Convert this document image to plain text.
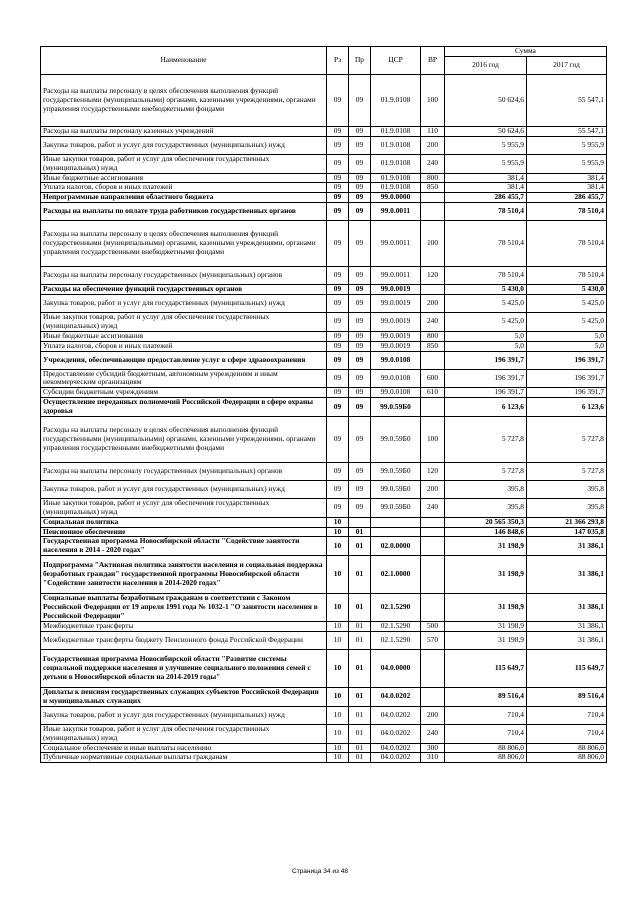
Наименование	Рз	Пр	ЦСР	ВР	Сумма	
					2016 год	2017 год
Расходы на выплаты персоналу в целях обеспечения выполнения функций государственными (муниципальными) органами, казенными учреждениями, органами управления государственными внебюджетными фондами	09	09	01.9.0108	100	50 624,6	55 547,1
Расходы на выплаты персоналу казенных учреждений	09	09	01.9.0108	110	50 624,6	55 547,1
Закупка товаров, работ и услуг для государственных (муниципальных) нужд	09	09	01.9.0108	200	5 955,9	5 955,9
Иные закупки товаров, работ и услуг для обеспечения государственных (муниципальных) нужд	09	09	01.9.0108	240	5 955,9	5 955,9
Иные бюджетные ассигнования	09	09	01.9.0108	800	381,4	381,4
Уплата налогов, сборов и иных платежей	09	09	01.9.0108	850	381,4	381,4
Непрограммные направления областного бюджета	09	09	99.0.0000		286 455,7	286 455,7
Расходы на выплаты по оплате труда работников государственных органов	09	09	99.0.0011		78 510,4	78 510,4
Расходы на выплаты персоналу в целях обеспечения выполнения функций государственными (муниципальными) органами, казенными учреждениями, органами управления государственными внебюджетными фондами	09	09	99.0.0011	100	78 510,4	78 510,4
Расходы на выплаты персоналу государственных (муниципальных) органов	09	09	99.0.0011	120	78 510,4	78 510,4
Расходы на обеспечение функций государственных органов	09	09	99.0.0019		5 430,0	5 430,0
Закупка товаров, работ и услуг для государственных (муниципальных) нужд	09	09	99.0.0019	200	5 425,0	5 425,0
Иные закупки товаров, работ и услуг для обеспечения государственных (муниципальных) нужд	09	09	99.0.0019	240	5 425,0	5 425,0
Иные бюджетные ассигнования	09	09	99.0.0019	800	5,0	5,0
Уплата налогов, сборов и иных платежей	09	09	99.0.0019	850	5,0	5,0
Учреждения, обеспечивающие предоставление услуг в сфере здравоохранения	09	09	99.0.0108		196 391,7	196 391,7
Предоставление субсидий бюджетным, автономным учреждениям и иным некоммерческим организациям	09	09	99.0.0108	600	196 391,7	196 391,7
Субсидии бюджетным учреждениям	09	09	99.0.0108	610	196 391,7	196 391,7
Осуществление переданных полномочий Российской Федерации в сфере охраны здоровья	09	09	99.0.59Б0		6 123,6	6 123,6
Расходы на выплаты персоналу в целях обеспечения выполнения функций государственными (муниципальными) органами, казенными учреждениями, органами управления государственными внебюджетными фондами	09	09	99.0.59Б0	100	5 727,8	5 727,8
Расходы на выплаты персоналу государственных (муниципальных) органов	09	09	99.0.59Б0	120	5 727,8	5 727,8
Закупка товаров, работ и услуг для государственных (муниципальных) нужд	09	09	99.0.59Б0	200	395,8	395,8
Иные закупки товаров, работ и услуг для обеспечения государственных (муниципальных) нужд	09	09	99.0.59Б0	240	395,8	395,8
Социальная политика	10				20 565 350,3	21 366 293,8
Пенсионное обеспечение	10	01			146 848,6	147 035,8
Государственная программа Новосибирской области "Содействие занятости населения в 2014 - 2020 годах"	10	01	02.0.0000		31 198,9	31 386,1
Подпрограмма "Активная политика занятости населения и социальная поддержка безработных граждан" государственной программы Новосибирской области "Содействие занятости населения в 2014-2020 годах"	10	01	02.1.0000		31 198,9	31 386,1
Социальные выплаты безработным гражданам в соответствии с Законом Российской Федерации от 19 апреля 1991 года № 1032-1 "О занятости населения в Российской Федерации"	10	01	02.1.5290		31 198,9	31 386,1
Межбюджетные трансферты	10	01	02.1.5290	500	31 198,9	31 386,1
Межбюджетные трансферты бюджету Пенсионного фонда Российской Федерации	10	01	02.1.5290	570	31 198,9	31 386,1
Государственная программа Новосибирской области "Развитие системы социальной поддержки населения и улучшение социального положения семей с детьми в Новосибирской области на 2014-2019 годы"	10	01	04.0.0000		115 649,7	115 649,7
Доплаты к пенсиям государственных служащих субъектов Российской Федерации и муниципальных служащих	10	01	04.0.0202		89 516,4	89 516,4
Закупка товаров, работ и услуг для государственных (муниципальных) нужд	10	01	04.0.0202	200	710,4	710,4
Иные закупки товаров, работ и услуг для обеспечения государственных (муниципальных) нужд	10	01	04.0.0202	240	710,4	710,4
Социальное обеспечение и иные выплаты населению	10	01	04.0.0202	300	88 806,0	88 806,0
Публичные нормативные социальные выплаты гражданам	10	01	04.0.0202	310	88 806,0	88 806,0
Страница 34 из 48
